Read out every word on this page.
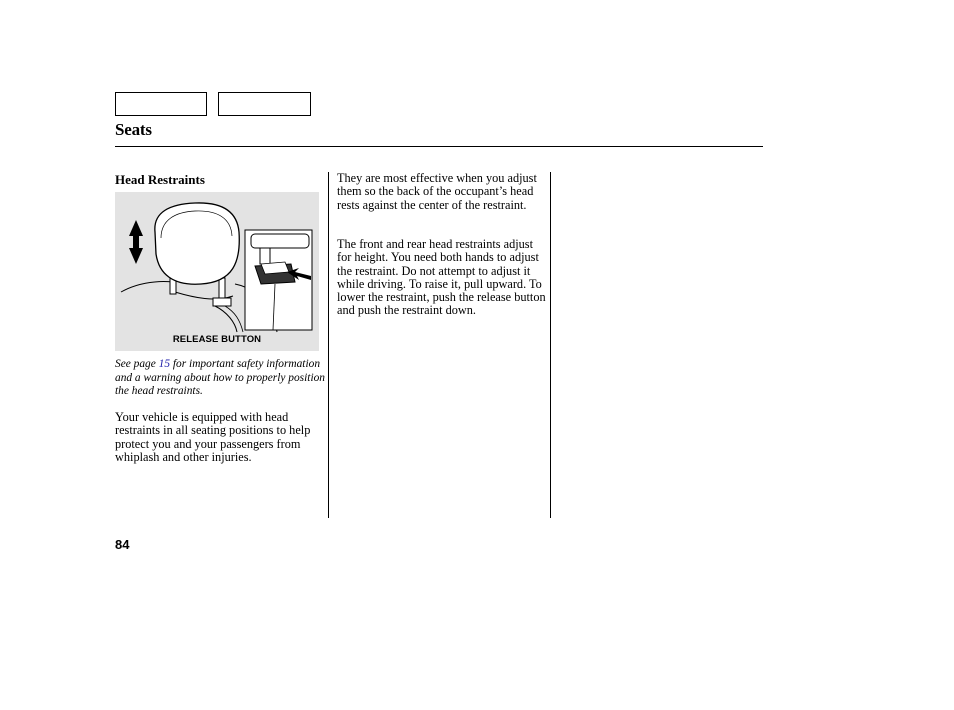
Seats
Head Restraints
RELEASE BUTTON
See page 15 for important safety information and a warning about how to properly position the head restraints.
Your vehicle is equipped with head restraints in all seating positions to help protect you and your passengers from whiplash and other injuries.
They are most effective when you adjust them so the back of the occupant’s head rests against the center of the restraint.
The front and rear head restraints adjust for height. You need both hands to adjust the restraint. Do not attempt to adjust it while driving. To raise it, pull upward. To lower the restraint, push the release button and push the restraint down.
84
